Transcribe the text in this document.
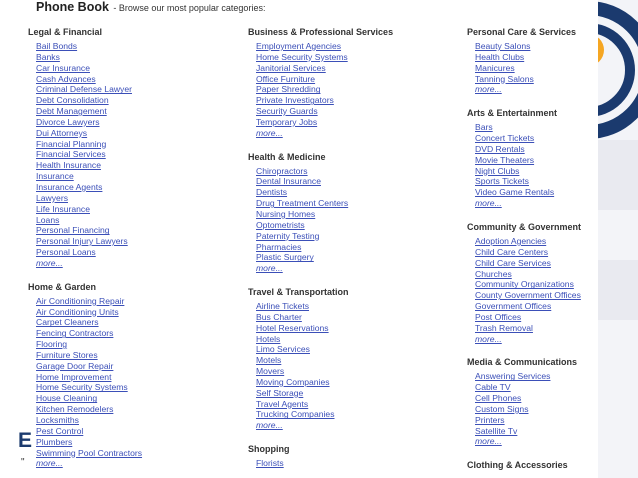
Phone Book - Browse our most popular categories:
Legal & Financial
Bail Bonds
Banks
Car Insurance
Cash Advances
Criminal Defense Lawyer
Debt Consolidation
Debt Management
Divorce Lawyers
Dui Attorneys
Financial Planning
Financial Services
Health Insurance
Insurance
Insurance Agents
Lawyers
Life Insurance
Loans
Personal Financing
Personal Injury Lawyers
Personal Loans
more...
Home & Garden
Air Conditioning Repair
Air Conditioning Units
Carpet Cleaners
Fencing Contractors
Flooring
Furniture Stores
Garage Door Repair
Home Improvement
Home Security Systems
House Cleaning
Kitchen Remodelers
Locksmiths
Pest Control
Plumbers
Swimming Pool Contractors
more...
Business & Professional Services
Employment Agencies
Home Security Systems
Janitorial Services
Office Furniture
Paper Shredding
Private Investigators
Security Guards
Temporary Jobs
more...
Health & Medicine
Chiropractors
Dental Insurance
Dentists
Drug Treatment Centers
Nursing Homes
Optometrists
Paternity Testing
Pharmacies
Plastic Surgery
more...
Travel & Transportation
Airline Tickets
Bus Charter
Hotel Reservations
Hotels
Limo Services
Motels
Movers
Moving Companies
Self Storage
Travel Agents
Trucking Companies
more...
Shopping
Florists
Personal Care & Services
Beauty Salons
Health Clubs
Manicures
Tanning Salons
more...
Arts & Entertainment
Bars
Concert Tickets
DVD Rentals
Movie Theaters
Night Clubs
Sports Tickets
Video Game Rentals
more...
Community & Government
Adoption Agencies
Child Care Centers
Child Care Services
Churches
Community Organizations
County Government Offices
Government Offices
Post Offices
Trash Removal
more...
Media & Communications
Answering Services
Cable TV
Cell Phones
Custom Signs
Printers
Satellite Tv
more...
Clothing & Accessories
E
"
